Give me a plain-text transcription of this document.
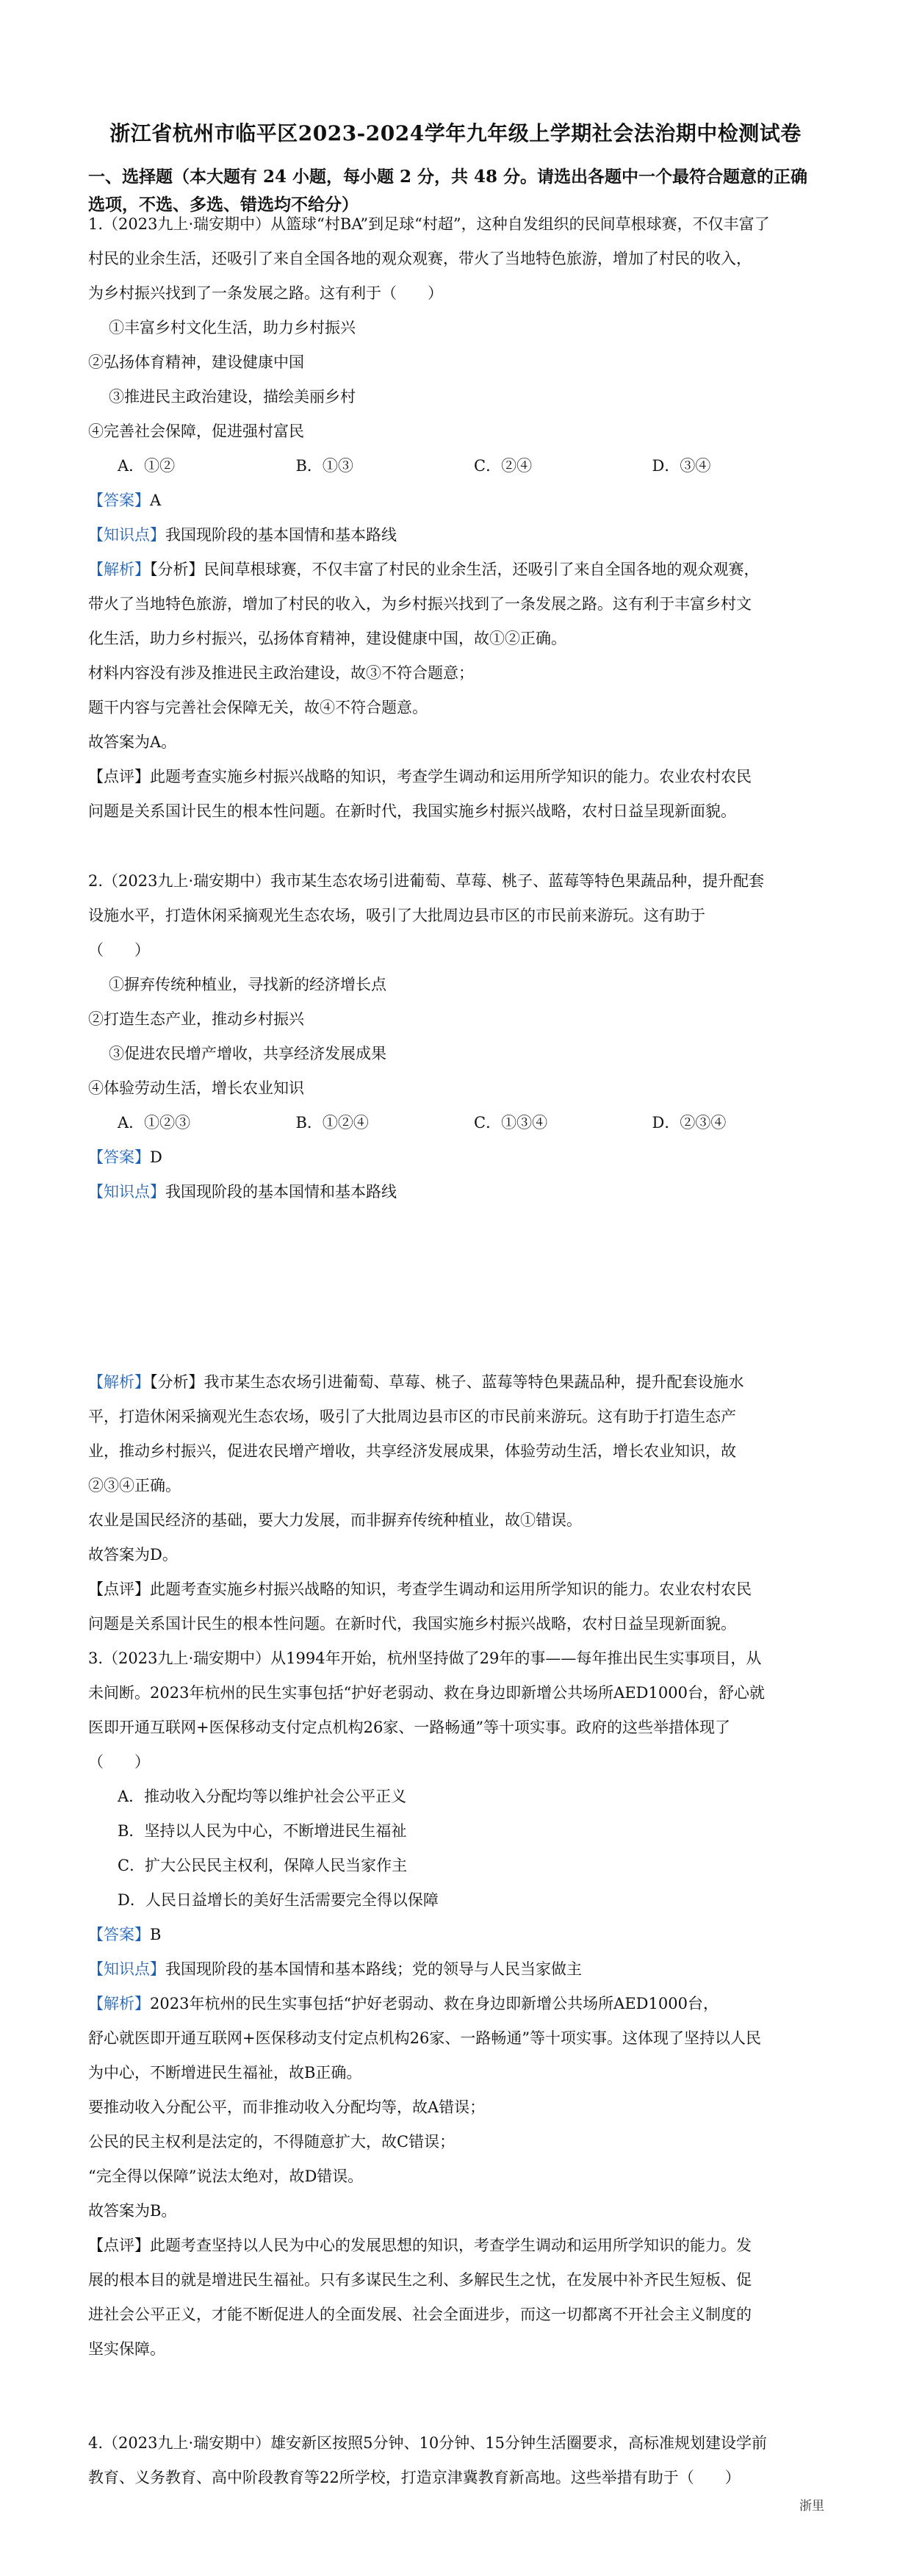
浙江省杭州市临平区2023-2024学年九年级上学期社会法治期中检测试卷
一、选择题（本大题有 24 小题，每小题 2 分，共 48 分。请选出各题中一个最符合题意的正确选项，不选、多选、错选均不给分）

1.（2023九上·瑞安期中）从篮球“村BA”到足球“村超”，这种自发组织的民间草根球赛，不仅丰富了

村民的业余生活，还吸引了来自全国各地的观众观赛，带火了当地特色旅游，增加了村民的收入，

为乡村振兴找到了一条发展之路。这有利于（　　）

①丰富乡村文化生活，助力乡村振兴

②弘扬体育精神，建设健康中国

③推进民主政治建设，描绘美丽乡村

④完善社会保障，促进强村富民

A．①②	B．①③	C．②④	D．③④

【答案】A

【知识点】我国现阶段的基本国情和基本路线

【解析】【分析】民间草根球赛，不仅丰富了村民的业余生活，还吸引了来自全国各地的观众观赛，

带火了当地特色旅游，增加了村民的收入，为乡村振兴找到了一条发展之路。这有利于丰富乡村文

化生活，助力乡村振兴，弘扬体育精神，建设健康中国，故①②正确。

材料内容没有涉及推进民主政治建设，故③不符合题意；

题干内容与完善社会保障无关，故④不符合题意。

故答案为A。

【点评】此题考查实施乡村振兴战略的知识，考查学生调动和运用所学知识的能力。农业农村农民

问题是关系国计民生的根本性问题。在新时代，我国实施乡村振兴战略，农村日益呈现新面貌。

2.（2023九上·瑞安期中）我市某生态农场引进葡萄、草莓、桃子、蓝莓等特色果蔬品种，提升配套

设施水平，打造休闲采摘观光生态农场，吸引了大批周边县市区的市民前来游玩。这有助于

（　　）

①摒弃传统种植业，寻找新的经济增长点

②打造生态产业，推动乡村振兴

③促进农民增产增收，共享经济发展成果

④体验劳动生活，增长农业知识

A．①②③	B．①②④	C．①③④	D．②③④

【答案】D

【知识点】我国现阶段的基本国情和基本路线

【解析】【分析】我市某生态农场引进葡萄、草莓、桃子、蓝莓等特色果蔬品种，提升配套设施水

平，打造休闲采摘观光生态农场，吸引了大批周边县市区的市民前来游玩。这有助于打造生态产

业，推动乡村振兴，促进农民增产增收，共享经济发展成果，体验劳动生活，增长农业知识，故

②③④正确。

农业是国民经济的基础，要大力发展，而非摒弃传统种植业，故①错误。

故答案为D。

【点评】此题考查实施乡村振兴战略的知识，考查学生调动和运用所学知识的能力。农业农村农民

问题是关系国计民生的根本性问题。在新时代，我国实施乡村振兴战略，农村日益呈现新面貌。

3.（2023九上·瑞安期中）从1994年开始，杭州坚持做了29年的事——每年推出民生实事项目，从

未间断。2023年杭州的民生实事包括“护好老弱动、救在身边即新增公共场所AED1000台，舒心就

医即开通互联网+医保移动支付定点机构26家、一路畅通”等十项实事。政府的这些举措体现了

（　　）

A．推动收入分配均等以维护社会公平正义

B．坚持以人民为中心，不断增进民生福祉

C．扩大公民民主权利，保障人民当家作主

D．人民日益增长的美好生活需要完全得以保障

【答案】B

【知识点】我国现阶段的基本国情和基本路线；党的领导与人民当家做主

【解析】2023年杭州的民生实事包括“护好老弱动、救在身边即新增公共场所AED1000台，

舒心就医即开通互联网+医保移动支付定点机构26家、一路畅通”等十项实事。这体现了坚持以人民

为中心，不断增进民生福祉，故B正确。

要推动收入分配公平，而非推动收入分配均等，故A错误；

公民的民主权利是法定的，不得随意扩大，故C错误；

“完全得以保障”说法太绝对，故D错误。

故答案为B。

【点评】此题考查坚持以人民为中心的发展思想的知识，考查学生调动和运用所学知识的能力。发

展的根本目的就是增进民生福祉。只有多谋民生之利、多解民生之忧，在发展中补齐民生短板、促

进社会公平正义，才能不断促进人的全面发展、社会全面进步，而这一切都离不开社会主义制度的

坚实保障。

4.（2023九上·瑞安期中）雄安新区按照5分钟、10分钟、15分钟生活圈要求，高标准规划建设学前

教育、义务教育、高中阶段教育等22所学校，打造京津冀教育新高地。这些举措有助于（　　）

浙里
